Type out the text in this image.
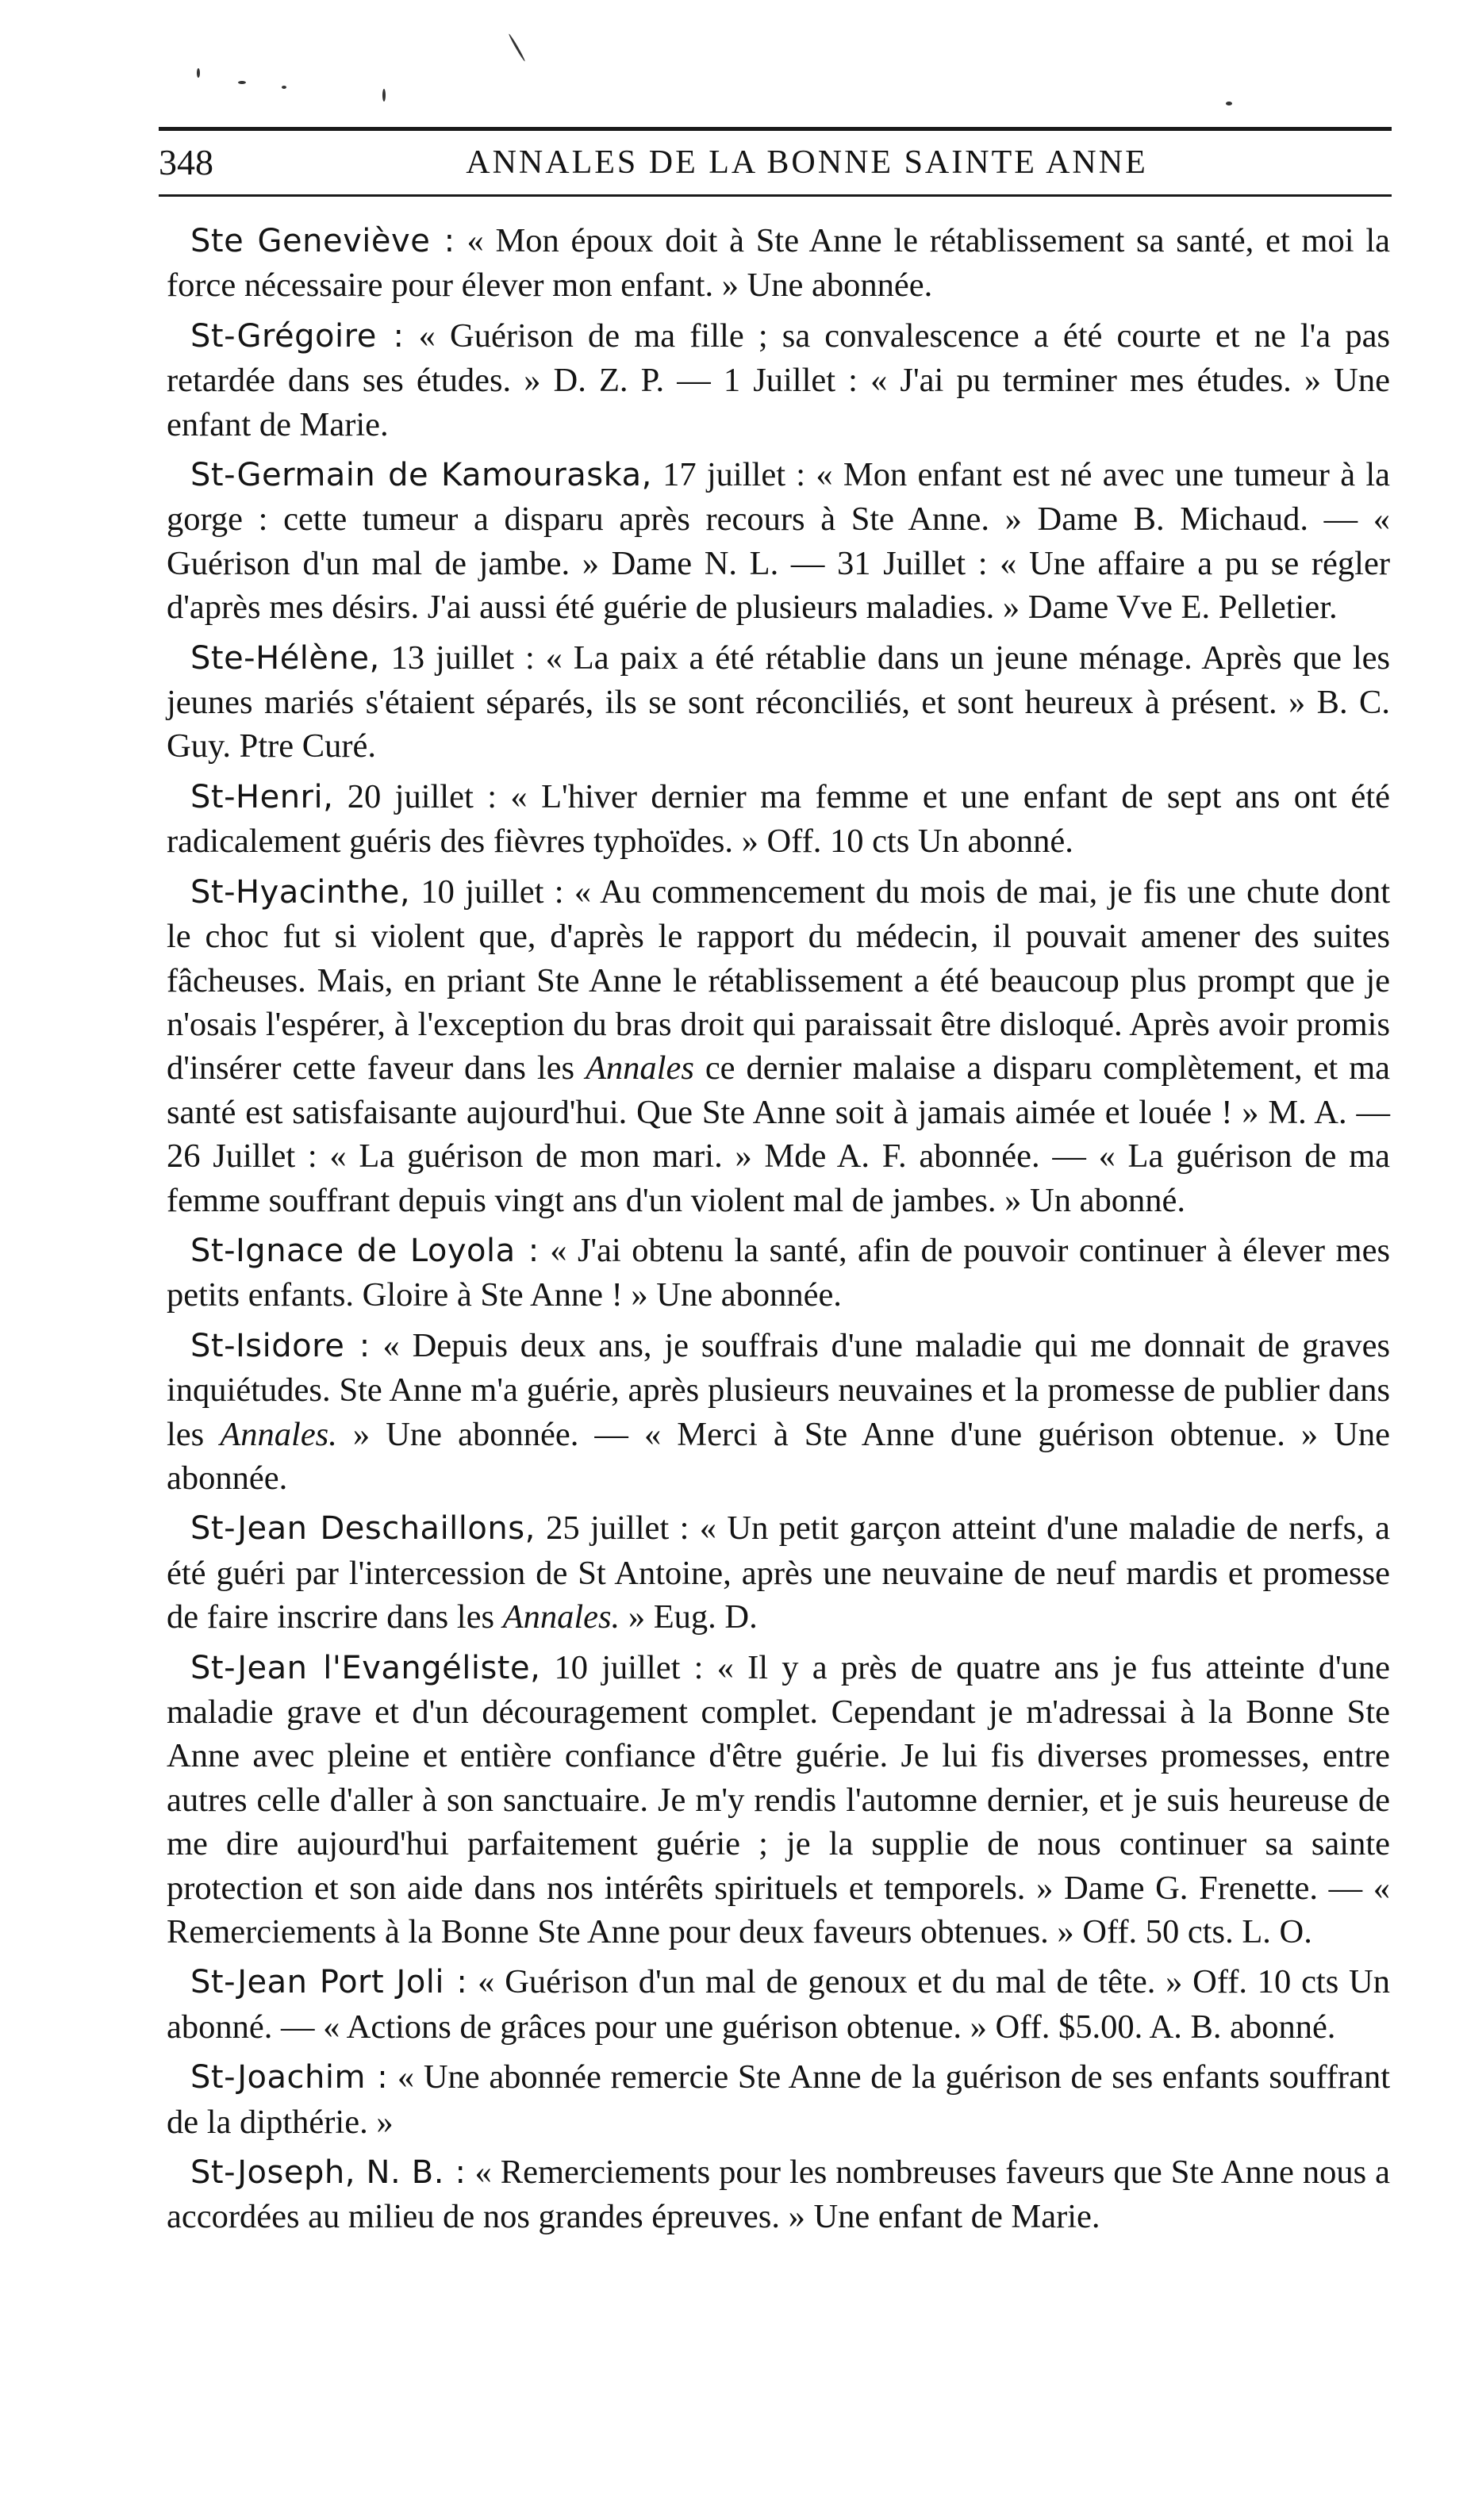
348	ANNALES DE LA BONNE SAINTE ANNE

Ste Geneviève : « Mon époux doit à Ste Anne le rétablissement sa santé, et moi la force nécessaire pour élever mon enfant. » Une abonnée.

St-Grégoire : « Guérison de ma fille ; sa convalescence a été courte et ne l'a pas retardée dans ses études. » D. Z. P. — 1 Juillet : « J'ai pu terminer mes études. » Une enfant de Marie.

St-Germain de Kamouraska, 17 juillet : « Mon enfant est né avec une tumeur à la gorge : cette tumeur a disparu après recours à Ste Anne. » Dame B. Michaud. — « Guérison d'un mal de jambe. » Dame N. L. — 31 Juillet : « Une affaire a pu se régler d'après mes désirs. J'ai aussi été guérie de plusieurs maladies. » Dame Vve E. Pelletier.

Ste-Hélène, 13 juillet : « La paix a été rétablie dans un jeune ménage. Après que les jeunes mariés s'étaient séparés, ils se sont réconciliés, et sont heureux à présent. » B. C. Guy. Ptre Curé.

St-Henri, 20 juillet : « L'hiver dernier ma femme et une enfant de sept ans ont été radicalement guéris des fièvres typhoïdes. » Off. 10 cts Un abonné.

St-Hyacinthe, 10 juillet : « Au commencement du mois de mai, je fis une chute dont le choc fut si violent que, d'après le rapport du médecin, il pouvait amener des suites fâcheuses. Mais, en priant Ste Anne le rétablissement a été beaucoup plus prompt que je n'osais l'espérer, à l'exception du bras droit qui paraissait être disloqué. Après avoir promis d'insérer cette faveur dans les Annales ce dernier malaise a disparu complètement, et ma santé est satisfaisante aujourd'hui. Que Ste Anne soit à jamais aimée et louée ! » M. A. — 26 Juillet : « La guérison de mon mari. » Mde A. F. abonnée. — « La guérison de ma femme souffrant depuis vingt ans d'un violent mal de jambes. » Un abonné.

St-Ignace de Loyola : « J'ai obtenu la santé, afin de pouvoir continuer à élever mes petits enfants. Gloire à Ste Anne ! » Une abonnée.

St-Isidore : « Depuis deux ans, je souffrais d'une maladie qui me donnait de graves inquiétudes. Ste Anne m'a guérie, après plusieurs neuvaines et la promesse de publier dans les Annales. » Une abonnée. — « Merci à Ste Anne d'une guérison obtenue. » Une abonnée.

St-Jean Deschaillons, 25 juillet : « Un petit garçon atteint d'une maladie de nerfs, a été guéri par l'intercession de St Antoine, après une neuvaine de neuf mardis et promesse de faire inscrire dans les Annales. » Eug. D.

St-Jean l'Evangéliste, 10 juillet : « Il y a près de quatre ans je fus atteinte d'une maladie grave et d'un découragement complet. Cependant je m'adressai à la Bonne Ste Anne avec pleine et entière confiance d'être guérie. Je lui fis diverses promesses, entre autres celle d'aller à son sanctuaire. Je m'y rendis l'automne dernier, et je suis heureuse de me dire aujourd'hui parfaitement guérie ; je la supplie de nous continuer sa sainte protection et son aide dans nos intérêts spirituels et temporels. » Dame G. Frenette. — « Remerciements à la Bonne Ste Anne pour deux faveurs obtenues. » Off. 50 cts. L. O.

St-Jean Port Joli : « Guérison d'un mal de genoux et du mal de tête. » Off. 10 cts Un abonné. — « Actions de grâces pour une guérison obtenue. » Off. $5.00. A. B. abonné.

St-Joachim : « Une abonnée remercie Ste Anne de la guérison de ses enfants souffrant de la dipthérie. »

St-Joseph, N. B. : « Remerciements pour les nombreuses faveurs que Ste Anne nous a accordées au milieu de nos grandes épreuves. » Une enfant de Marie.
